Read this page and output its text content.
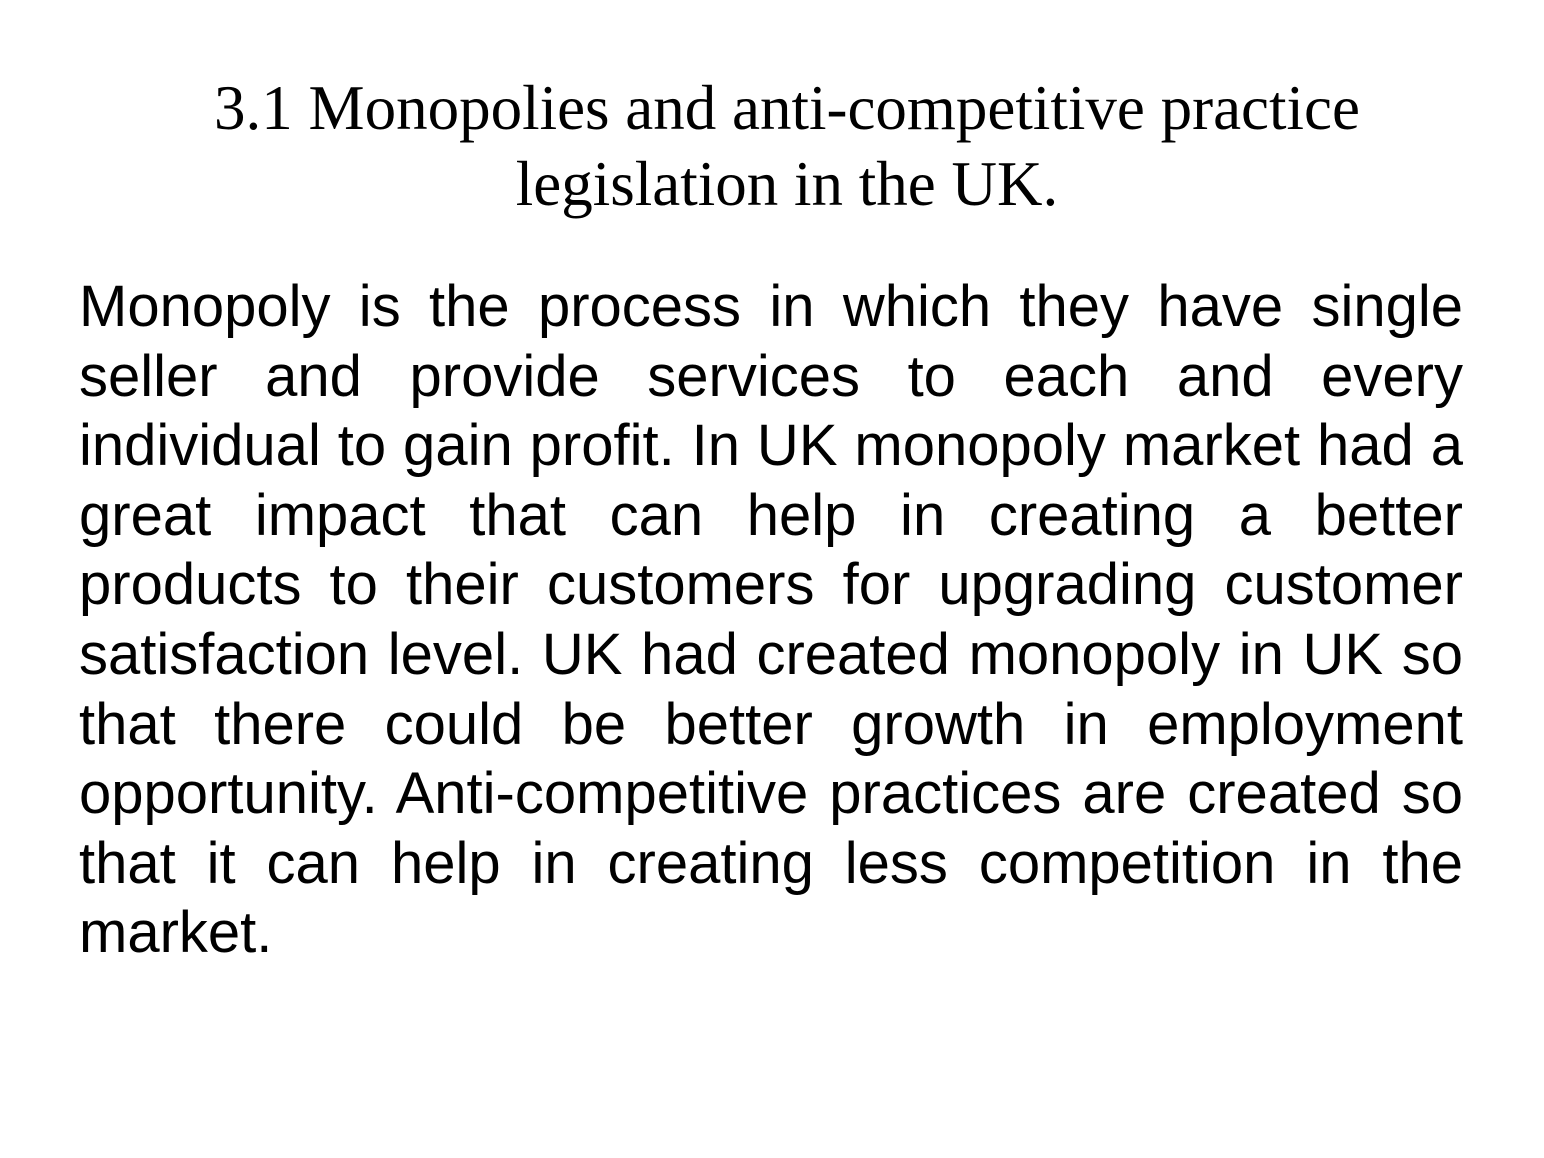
3.1 Monopolies and anti-competitive practice legislation in the UK.

Monopoly is the process in which they have single seller and provide services to each and every individual to gain profit. In UK monopoly market had a great impact that can help in creating a better products to their customers for upgrading customer satisfaction level. UK had created monopoly in UK so that there could be better growth in employment opportunity. Anti-competitive practices are created so that it can help in creating less competition in the market.
